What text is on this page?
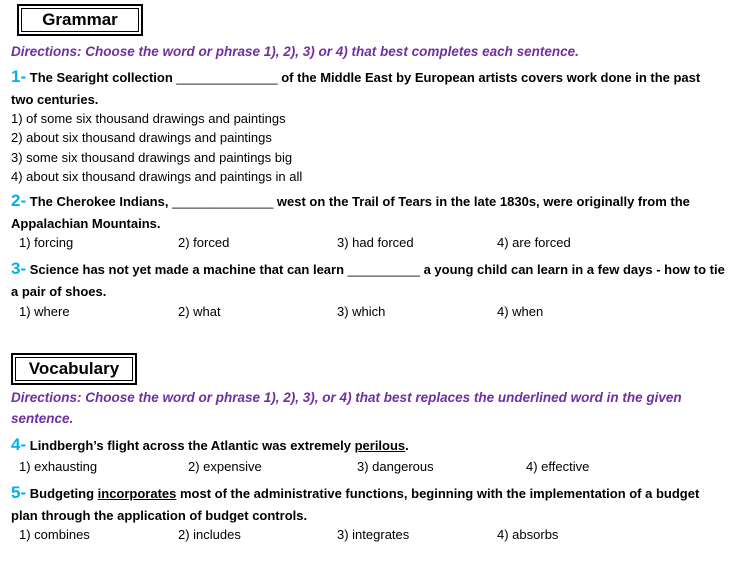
Grammar
Directions: Choose the word or phrase 1), 2), 3) or 4) that best completes each sentence.
1- The Searight collection ______________ of the Middle East by European artists covers work done in the past two centuries.
1) of some six thousand drawings and paintings
2) about six thousand drawings and paintings
3) some six thousand drawings and paintings big
4) about six thousand drawings and paintings in all
2- The Cherokee Indians, ______________ west on the Trail of Tears in the late 1830s, were originally from the Appalachian Mountains.
1) forcing	2) forced	3) had forced	4) are forced
3- Science has not yet made a machine that can learn __________ a young child can learn in a few days - how to tie a pair of shoes.
1) where	2) what	3) which	4) when
Vocabulary
Directions: Choose the word or phrase 1), 2), 3), or 4) that best replaces the underlined word in the given sentence.
4- Lindbergh’s flight across the Atlantic was extremely perilous.
1) exhausting	2) expensive	3) dangerous	4) effective
5- Budgeting incorporates most of the administrative functions, beginning with the implementation of a budget plan through the application of budget controls.
1) combines	2) includes	3) integrates	4) absorbs
